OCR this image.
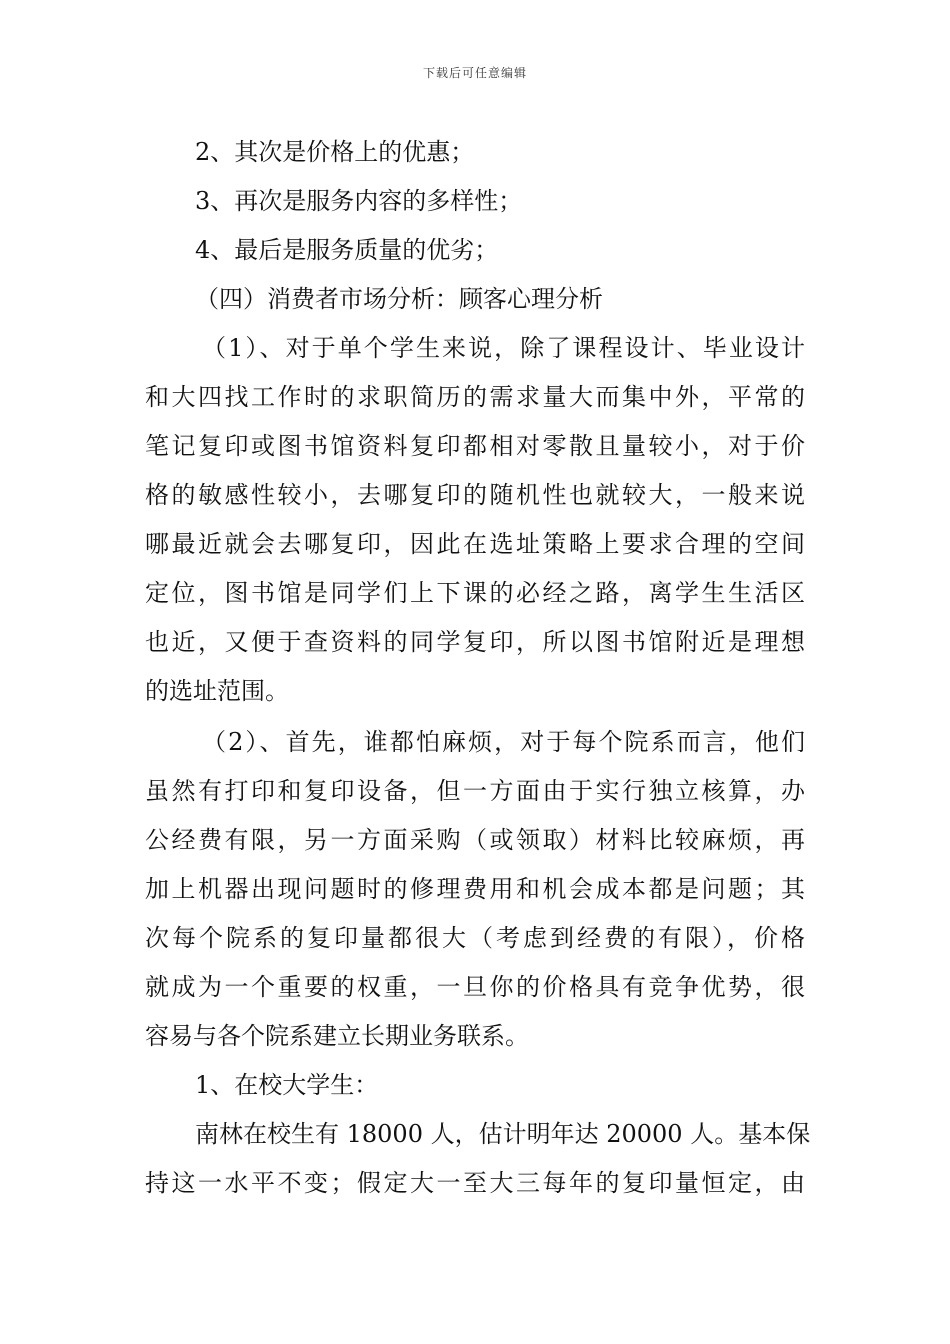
下载后可任意编辑

2、其次是价格上的优惠；

3、再次是服务内容的多样性；

4、最后是服务质量的优劣；

（四）消费者市场分析：顾客心理分析

（1）、对于单个学生来说，除了课程设计、毕业设计

和大四找工作时的求职简历的需求量大而集中外，平常的

笔记复印或图书馆资料复印都相对零散且量较小，对于价

格的敏感性较小，去哪复印的随机性也就较大，一般来说

哪最近就会去哪复印，因此在选址策略上要求合理的空间

定位，图书馆是同学们上下课的必经之路，离学生生活区

也近，又便于查资料的同学复印，所以图书馆附近是理想

的选址范围。

（2）、首先，谁都怕麻烦，对于每个院系而言，他们

虽然有打印和复印设备，但一方面由于实行独立核算，办

公经费有限，另一方面采购（或领取）材料比较麻烦，再

加上机器出现问题时的修理费用和机会成本都是问题；其

次每个院系的复印量都很大（考虑到经费的有限），价格

就成为一个重要的权重，一旦你的价格具有竞争优势，很

容易与各个院系建立长期业务联系。

1、在校大学生：

南林在校生有 18000 人，估计明年达 20000 人。基本保

持这一水平不变；假定大一至大三每年的复印量恒定，由
